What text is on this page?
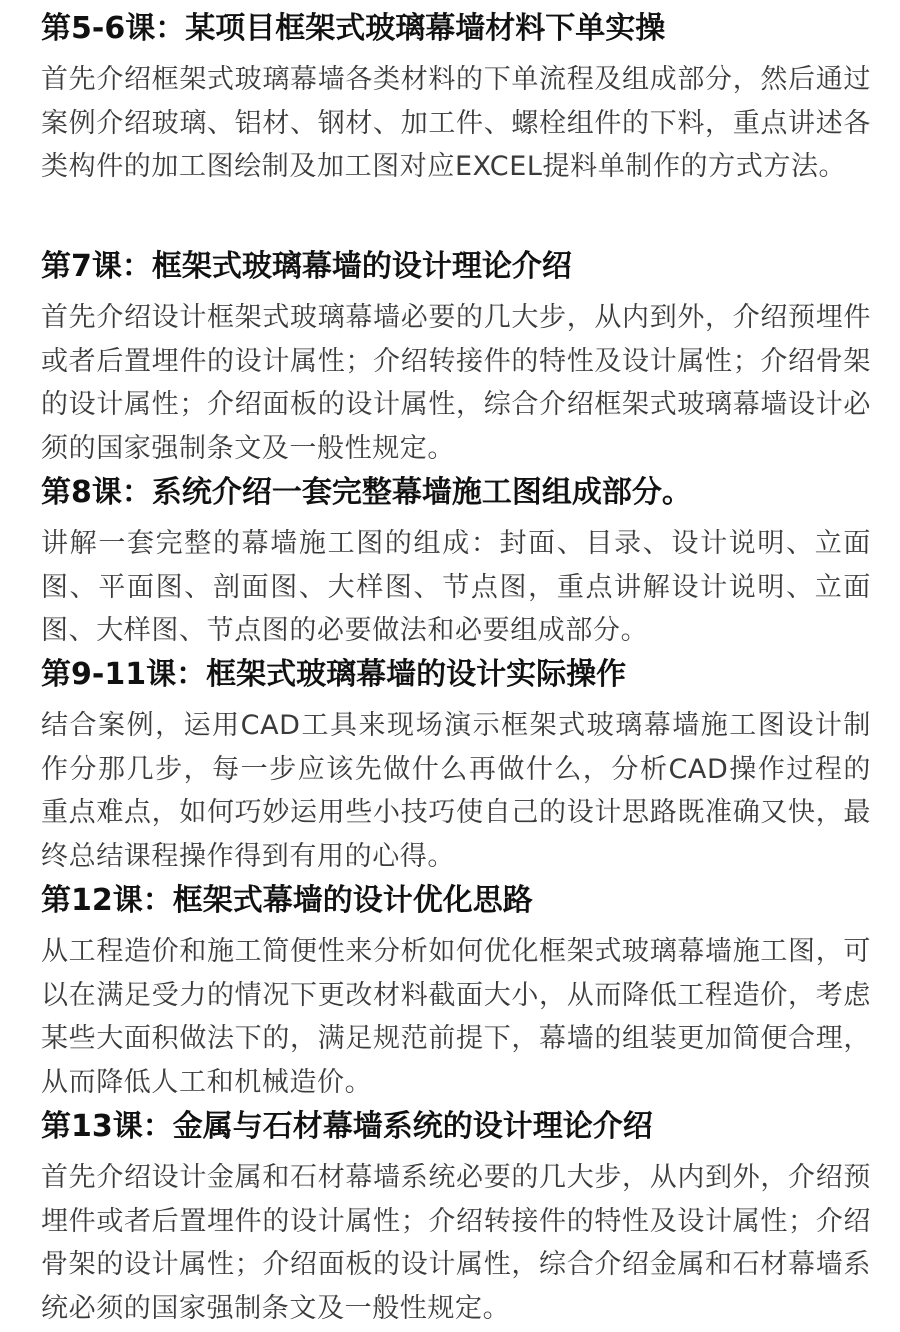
第5-6课：某项目框架式玻璃幕墙材料下单实操

首先介绍框架式玻璃幕墙各类材料的下单流程及组成部分，然后通过案例介绍玻璃、铝材、钢材、加工件、螺栓组件的下料，重点讲述各类构件的加工图绘制及加工图对应EXCEL提料单制作的方式方法。

第7课：框架式玻璃幕墙的设计理论介绍

首先介绍设计框架式玻璃幕墙必要的几大步，从内到外，介绍预埋件或者后置埋件的设计属性；介绍转接件的特性及设计属性；介绍骨架的设计属性；介绍面板的设计属性，综合介绍框架式玻璃幕墙设计必须的国家强制条文及一般性规定。

第8课：系统介绍一套完整幕墙施工图组成部分。

讲解一套完整的幕墙施工图的组成：封面、目录、设计说明、立面图、平面图、剖面图、大样图、节点图，重点讲解设计说明、立面图、大样图、节点图的必要做法和必要组成部分。

第9-11课：框架式玻璃幕墙的设计实际操作

结合案例，运用CAD工具来现场演示框架式玻璃幕墙施工图设计制作分那几步，每一步应该先做什么再做什么，分析CAD操作过程的重点难点，如何巧妙运用些小技巧使自己的设计思路既准确又快，最终总结课程操作得到有用的心得。

第12课：框架式幕墙的设计优化思路

从工程造价和施工简便性来分析如何优化框架式玻璃幕墙施工图，可以在满足受力的情况下更改材料截面大小，从而降低工程造价，考虑某些大面积做法下的，满足规范前提下，幕墙的组装更加简便合理，从而降低人工和机械造价。

第13课：金属与石材幕墙系统的设计理论介绍

首先介绍设计金属和石材幕墙系统必要的几大步，从内到外，介绍预埋件或者后置埋件的设计属性；介绍转接件的特性及设计属性；介绍骨架的设计属性；介绍面板的设计属性，综合介绍金属和石材幕墙系统必须的国家强制条文及一般性规定。
